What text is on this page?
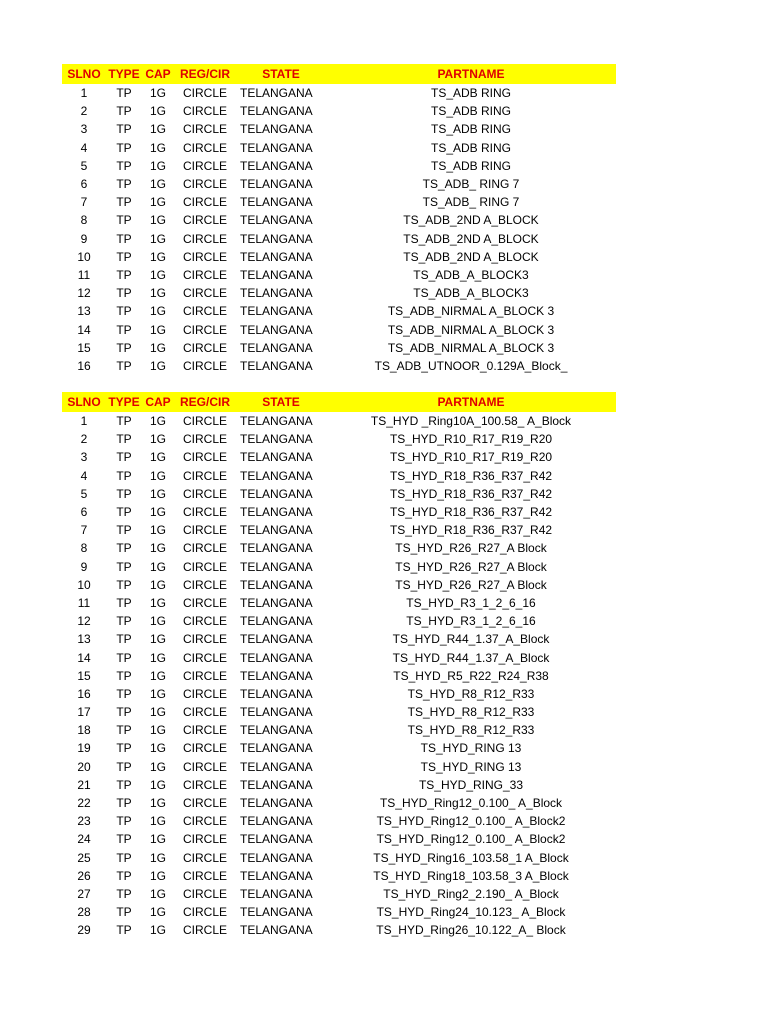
SLNO TYPE CAP REG/CIR	STATE	PARTNAME
1	TP	1G	CIRCLE	TELANGANA	TS_ADB RING
2	TP	1G	CIRCLE	TELANGANA	TS_ADB RING
3	TP	1G	CIRCLE	TELANGANA	TS_ADB RING
4	TP	1G	CIRCLE	TELANGANA	TS_ADB RING
5	TP	1G	CIRCLE	TELANGANA	TS_ADB RING
6	TP	1G	CIRCLE	TELANGANA	TS_ADB_ RING 7
7	TP	1G	CIRCLE	TELANGANA	TS_ADB_ RING 7
8	TP	1G	CIRCLE	TELANGANA	TS_ADB_2ND A_BLOCK
9	TP	1G	CIRCLE	TELANGANA	TS_ADB_2ND A_BLOCK
10	TP	1G	CIRCLE	TELANGANA	TS_ADB_2ND A_BLOCK
11	TP	1G	CIRCLE	TELANGANA	TS_ADB_A_BLOCK3
12	TP	1G	CIRCLE	TELANGANA	TS_ADB_A_BLOCK3
13	TP	1G	CIRCLE	TELANGANA	TS_ADB_NIRMAL A_BLOCK 3
14	TP	1G	CIRCLE	TELANGANA	TS_ADB_NIRMAL A_BLOCK 3
15	TP	1G	CIRCLE	TELANGANA	TS_ADB_NIRMAL A_BLOCK 3
16	TP	1G	CIRCLE	TELANGANA	TS_ADB_UTNOOR_0.129A_Block_
SLNO TYPE CAP REG/CIR	STATE	PARTNAME
1	TP	1G	CIRCLE	TELANGANA	TS_HYD _Ring10A_100.58_ A_Block
2	TP	1G	CIRCLE	TELANGANA	TS_HYD_R10_R17_R19_R20
3	TP	1G	CIRCLE	TELANGANA	TS_HYD_R10_R17_R19_R20
4	TP	1G	CIRCLE	TELANGANA	TS_HYD_R18_R36_R37_R42
5	TP	1G	CIRCLE	TELANGANA	TS_HYD_R18_R36_R37_R42
6	TP	1G	CIRCLE	TELANGANA	TS_HYD_R18_R36_R37_R42
7	TP	1G	CIRCLE	TELANGANA	TS_HYD_R18_R36_R37_R42
8	TP	1G	CIRCLE	TELANGANA	TS_HYD_R26_R27_A Block
9	TP	1G	CIRCLE	TELANGANA	TS_HYD_R26_R27_A Block
10	TP	1G	CIRCLE	TELANGANA	TS_HYD_R26_R27_A Block
11	TP	1G	CIRCLE	TELANGANA	TS_HYD_R3_1_2_6_16
12	TP	1G	CIRCLE	TELANGANA	TS_HYD_R3_1_2_6_16
13	TP	1G	CIRCLE	TELANGANA	TS_HYD_R44_1.37_A_Block
14	TP	1G	CIRCLE	TELANGANA	TS_HYD_R44_1.37_A_Block
15	TP	1G	CIRCLE	TELANGANA	TS_HYD_R5_R22_R24_R38
16	TP	1G	CIRCLE	TELANGANA	TS_HYD_R8_R12_R33
17	TP	1G	CIRCLE	TELANGANA	TS_HYD_R8_R12_R33
18	TP	1G	CIRCLE	TELANGANA	TS_HYD_R8_R12_R33
19	TP	1G	CIRCLE	TELANGANA	TS_HYD_RING 13
20	TP	1G	CIRCLE	TELANGANA	TS_HYD_RING 13
21	TP	1G	CIRCLE	TELANGANA	TS_HYD_RING_33
22	TP	1G	CIRCLE	TELANGANA	TS_HYD_Ring12_0.100_ A_Block
23	TP	1G	CIRCLE	TELANGANA	TS_HYD_Ring12_0.100_ A_Block2
24	TP	1G	CIRCLE	TELANGANA	TS_HYD_Ring12_0.100_ A_Block2
25	TP	1G	CIRCLE	TELANGANA	TS_HYD_Ring16_103.58_1 A_Block
26	TP	1G	CIRCLE	TELANGANA	TS_HYD_Ring18_103.58_3 A_Block
27	TP	1G	CIRCLE	TELANGANA	TS_HYD_Ring2_2.190_ A_Block
28	TP	1G	CIRCLE	TELANGANA	TS_HYD_Ring24_10.123_ A_Block
29	TP	1G	CIRCLE	TELANGANA	TS_HYD_Ring26_10.122_A_ Block
